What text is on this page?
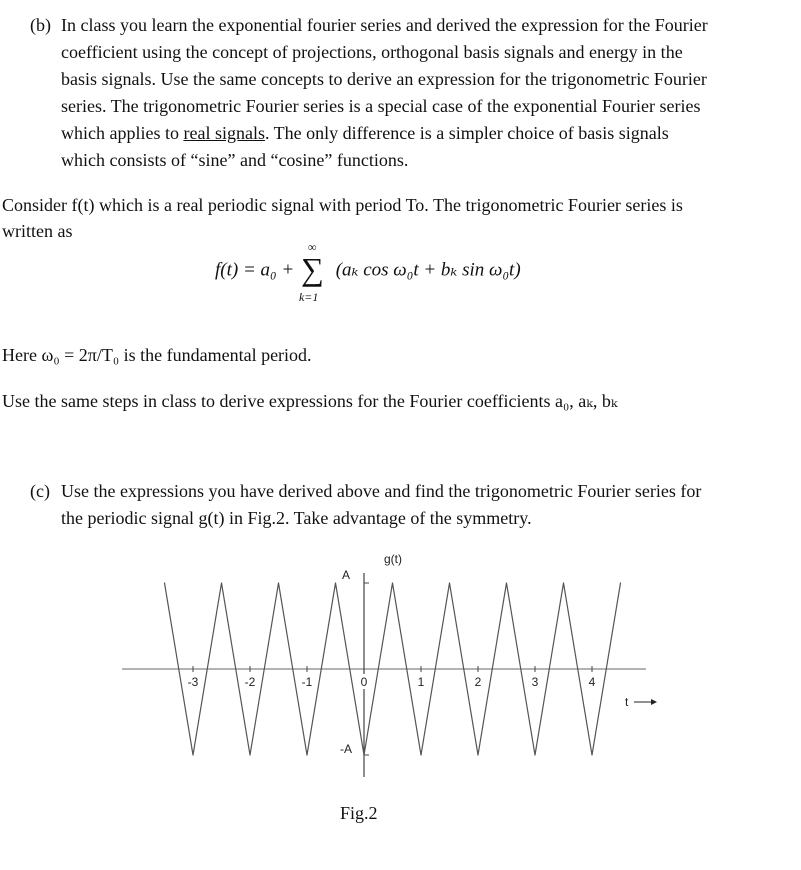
(b) In class you learn the exponential fourier series and derived the expression for the Fourier
coefficient using the concept of projections, orthogonal basis signals and energy in the
basis signals. Use the same concepts to derive an expression for the trigonometric Fourier
series. The trigonometric Fourier series is a special case of the exponential Fourier series
which applies to real signals. The only difference is a simpler choice of basis signals
which consists of “sine” and “cosine” functions.
Consider f(t) which is a real periodic signal with period To. The trigonometric Fourier series is
written as
f(t) = a₀ +
∞
∑
k=1
(aₖ cos ω₀t + bₖ sin ω₀t)
Here ω₀ = 2π/T₀ is the fundamental period.
Use the same steps in class to derive expressions for the Fourier coefficients a₀, aₖ, bₖ
(c) Use the expressions you have derived above and find the trigonometric Fourier series for
the periodic signal g(t) in Fig.2. Take advantage of the symmetry.
-3	-2	-1	0	1	2	3	4
A
-A
g(t)
t
Fig.2
